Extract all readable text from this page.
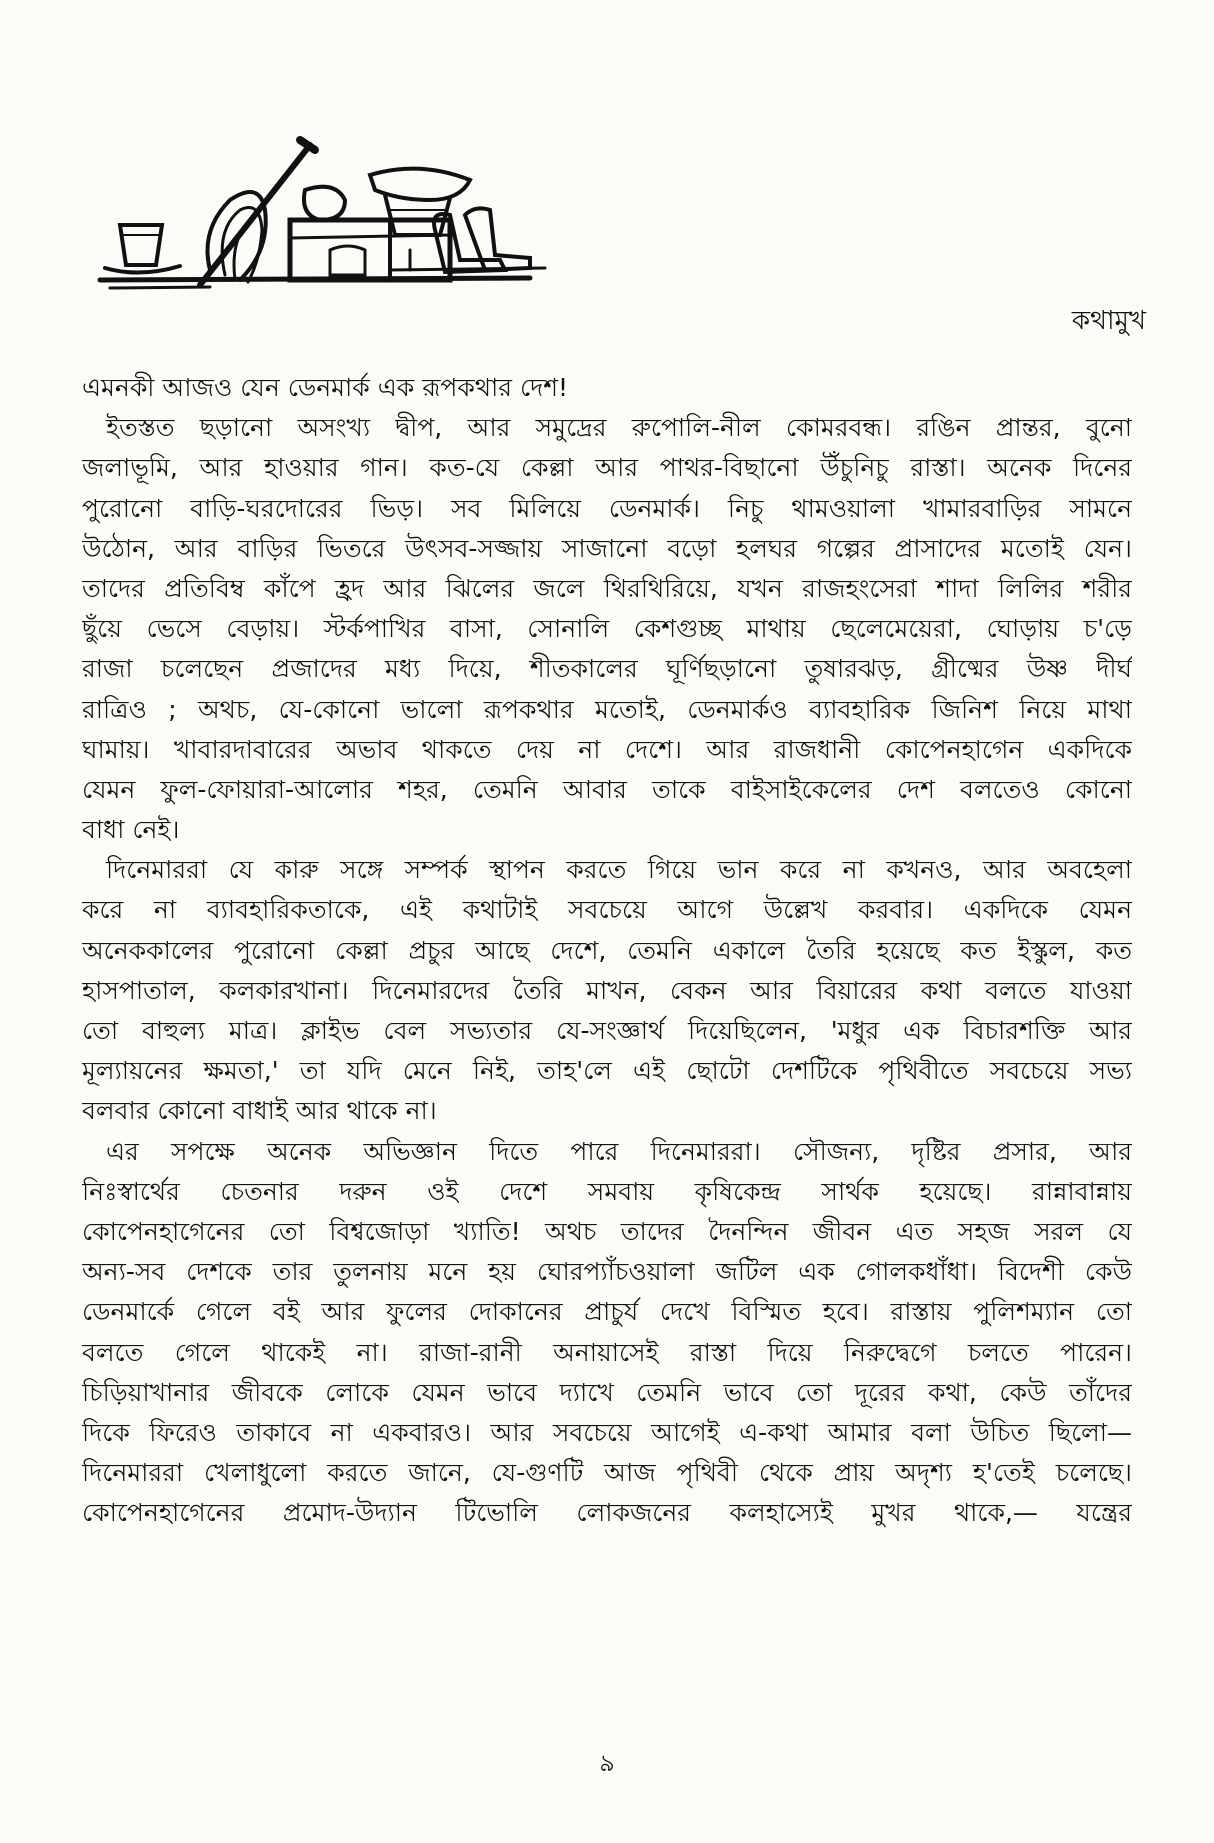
কথামুখ
এমনকী আজও যেন ডেনমার্ক এক রূপকথার দেশ!
ইতস্তত ছড়ানো অসংখ্য দ্বীপ, আর সমুদ্রের রুপোলি-নীল কোমরবন্ধ। রঙিন প্রান্তর, বুনো
জলাভূমি, আর হাওয়ার গান। কত-যে কেল্লা আর পাথর-বিছানো উঁচুনিচু রাস্তা। অনেক দিনের
পুরোনো বাড়ি-ঘরদোরের ভিড়। সব মিলিয়ে ডেনমার্ক। নিচু থামওয়ালা খামারবাড়ির সামনে
উঠোন, আর বাড়ির ভিতরে উৎসব-সজ্জায় সাজানো বড়ো হলঘর গল্পের প্রাসাদের মতোই যেন।
তাদের প্রতিবিম্ব কাঁপে হ্রদ আর ঝিলের জলে থিরথিরিয়ে, যখন রাজহংসেরা শাদা লিলির শরীর
ছুঁয়ে ভেসে বেড়ায়। স্টর্কপাখির বাসা, সোনালি কেশগুচ্ছ মাথায় ছেলেমেয়েরা, ঘোড়ায় চ'ড়ে
রাজা চলেছেন প্রজাদের মধ্য দিয়ে, শীতকালের ঘূর্ণিছড়ানো তুষারঝড়, গ্রীষ্মের উষ্ণ দীর্ঘ
রাত্রিও ; অথচ, যে-কোনো ভালো রূপকথার মতোই, ডেনমার্কও ব্যাবহারিক জিনিশ নিয়ে মাথা
ঘামায়। খাবারদাবারের অভাব থাকতে দেয় না দেশে। আর রাজধানী কোপেনহাগেন একদিকে
যেমন ফুল-ফোয়ারা-আলোর শহর, তেমনি আবার তাকে বাইসাইকেলের দেশ বলতেও কোনো
বাধা নেই।
দিনেমাররা যে কারু সঙ্গে সম্পর্ক স্থাপন করতে গিয়ে ভান করে না কখনও, আর অবহেলা
করে না ব্যাবহারিকতাকে, এই কথাটাই সবচেয়ে আগে উল্লেখ করবার। একদিকে যেমন
অনেককালের পুরোনো কেল্লা প্রচুর আছে দেশে, তেমনি একালে তৈরি হয়েছে কত ইস্কুল, কত
হাসপাতাল, কলকারখানা। দিনেমারদের তৈরি মাখন, বেকন আর বিয়ারের কথা বলতে যাওয়া
তো বাহুল্য মাত্র। ক্লাইভ বেল সভ্যতার যে-সংজ্ঞার্থ দিয়েছিলেন, 'মধুর এক বিচারশক্তি আর
মূল্যায়নের ক্ষমতা,' তা যদি মেনে নিই, তাহ'লে এই ছোটো দেশটিকে পৃথিবীতে সবচেয়ে সভ্য
বলবার কোনো বাধাই আর থাকে না।
এর সপক্ষে অনেক অভিজ্ঞান দিতে পারে দিনেমাররা। সৌজন্য, দৃষ্টির প্রসার, আর
নিঃস্বার্থের চেতনার দরুন ওই দেশে সমবায় কৃষিকেন্দ্র সার্থক হয়েছে। রান্নাবান্নায়
কোপেনহাগেনের তো বিশ্বজোড়া খ্যাতি! অথচ তাদের দৈনন্দিন জীবন এত সহজ সরল যে
অন্য-সব দেশকে তার তুলনায় মনে হয় ঘোরপ্যাঁচওয়ালা জটিল এক গোলকধাঁধা। বিদেশী কেউ
ডেনমার্কে গেলে বই আর ফুলের দোকানের প্রাচুর্য দেখে বিস্মিত হবে। রাস্তায় পুলিশম্যান তো
বলতে গেলে থাকেই না। রাজা-রানী অনায়াসেই রাস্তা দিয়ে নিরুদ্বেগে চলতে পারেন।
চিড়িয়াখানার জীবকে লোকে যেমন ভাবে দ্যাখে তেমনি ভাবে তো দূরের কথা, কেউ তাঁদের
দিকে ফিরেও তাকাবে না একবারও। আর সবচেয়ে আগেই এ-কথা আমার বলা উচিত ছিলো—
দিনেমাররা খেলাধুলো করতে জানে, যে-গুণটি আজ পৃথিবী থেকে প্রায় অদৃশ্য হ'তেই চলেছে।
কোপেনহাগেনের প্রমোদ-উদ্যান টিভোলি লোকজনের কলহাস্যেই মুখর থাকে,— যন্ত্রের
৯
